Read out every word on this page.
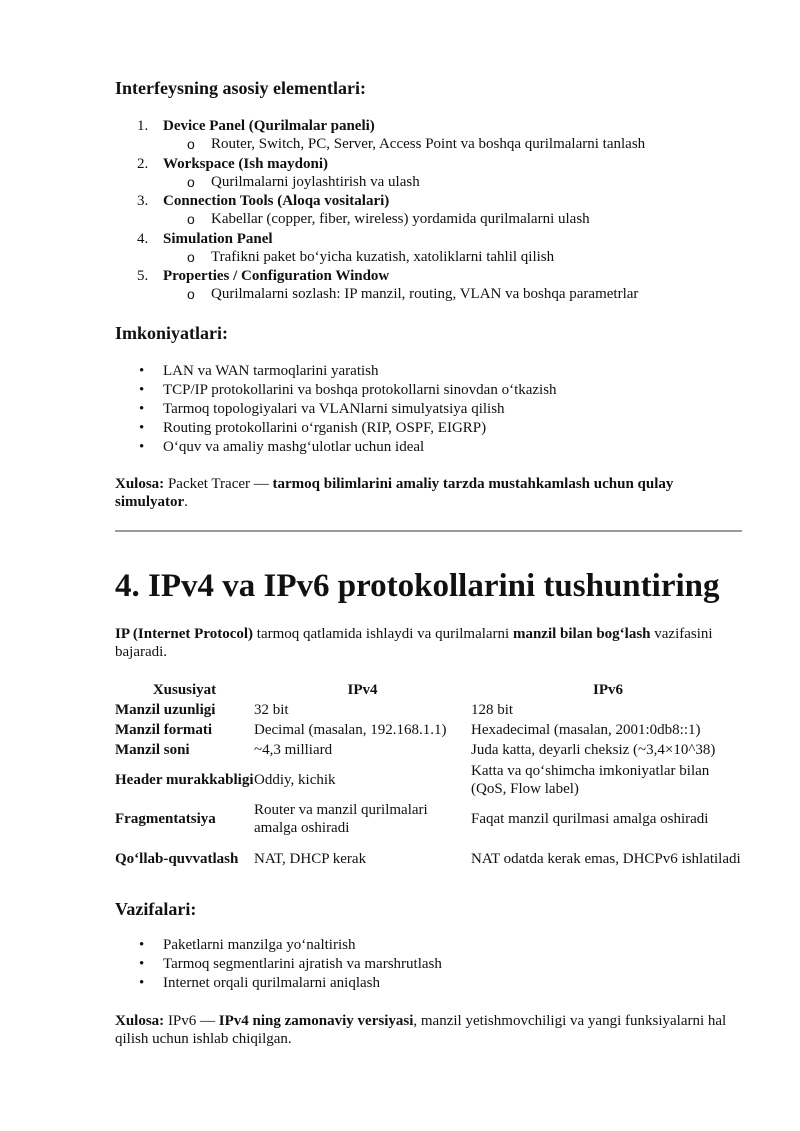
Interfeysning asosiy elementlari:
1. Device Panel (Qurilmalar paneli)
o Router, Switch, PC, Server, Access Point va boshqa qurilmalarni tanlash
2. Workspace (Ish maydoni)
o Qurilmalarni joylashtirish va ulash
3. Connection Tools (Aloqa vositalari)
o Kabellar (copper, fiber, wireless) yordamida qurilmalarni ulash
4. Simulation Panel
o Trafikni paket bo‘yicha kuzatish, xatoliklarni tahlil qilish
5. Properties / Configuration Window
o Qurilmalarni sozlash: IP manzil, routing, VLAN va boshqa parametrlar
Imkoniyatlari:
• LAN va WAN tarmoqlarini yaratish
• TCP/IP protokollarini va boshqa protokollarni sinovdan o‘tkazish
• Tarmoq topologiyalari va VLANlarni simulyatsiya qilish
• Routing protokollarini o‘rganish (RIP, OSPF, EIGRP)
• O‘quv va amaliy mashg‘ulotlar uchun ideal

Xulosa: Packet Tracer — tarmoq bilimlarini amaliy tarzda mustahkamlash uchun qulay simulyator.

4. IPv4 va IPv6 protokollarini tushuntiring

IP (Internet Protocol) tarmoq qatlamida ishlaydi va qurilmalarni manzil bilan bog‘lash vazifasini bajaradi.

Xususiyat	IPv4	IPv6
Manzil uzunligi	32 bit	128 bit
Manzil formati	Decimal (masalan, 192.168.1.1)	Hexadecimal (masalan, 2001:0db8::1)
Manzil soni	~4,3 milliard	Juda katta, deyarli cheksiz (~3,4×10^38)
Header murakkabligi	Oddiy, kichik	Katta va qo‘shimcha imkoniyatlar bilan (QoS, Flow label)
Fragmentatsiya	Router va manzil qurilmalari amalga oshiradi	Faqat manzil qurilmasi amalga oshiradi
Qo‘llab-quvvatlash	NAT, DHCP kerak	NAT odatda kerak emas, DHCPv6 ishlatiladi
Vazifalari:
• Paketlarni manzilga yo‘naltirish
• Tarmoq segmentlarini ajratish va marshrutlash
• Internet orqali qurilmalarni aniqlash

Xulosa: IPv6 — IPv4 ning zamonaviy versiyasi, manzil yetishmovchiligi va yangi funksiyalarni hal qilish uchun ishlab chiqilgan.
